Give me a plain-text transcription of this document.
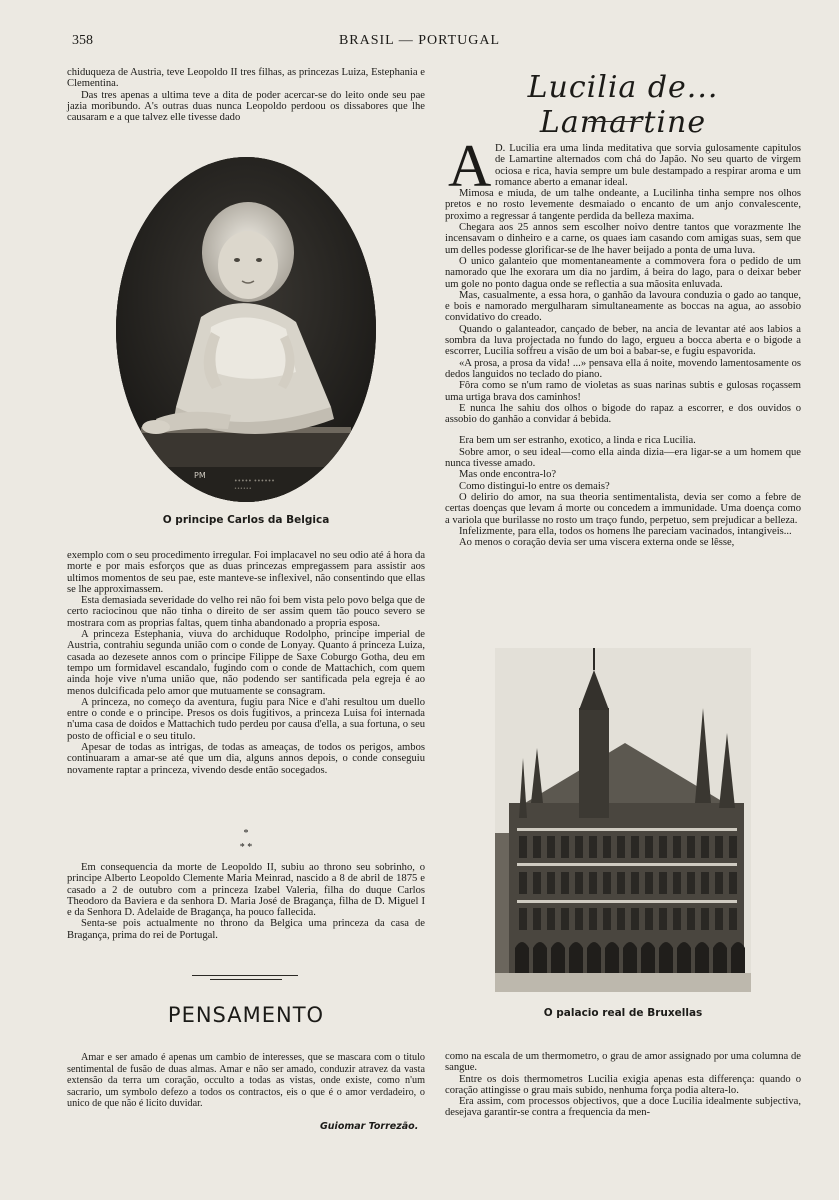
358	BRASIL — PORTUGAL

chiduqueza de Austria, teve Leopoldo II tres filhas, as princezas Luiza, Estephania e Clementina.

Das tres apenas a ultima teve a dita de poder acercar-se do leito onde seu pae jazia moribundo. A's outras duas nunca Leopoldo perdoou os dissabores que lhe causaram e a que talvez elle tivesse dado

••••• ••••••
••••••
PM
O principe Carlos da Belgica

exemplo com o seu procedimento irregular. Foi implacavel no seu odio até á hora da morte e por mais esforços que as duas princezas empregassem para assistir aos ultimos momentos de seu pae, este manteve-se inflexivel, não consentindo que ellas se lhe approximassem.

Esta demasiada severidade do velho rei não foi bem vista pelo povo belga que de certo raciocinou que não tinha o direito de ser assim quem tão pouco severo se mostrara com as proprias faltas, quem tinha abandonado a propria esposa.

A princeza Estephania, viuva do archiduque Rodolpho, principe imperial de Austria, contrahiu segunda união com o conde de Lonyay. Quanto á princeza Luiza, casada ao dezesete annos com o principe Filippe de Saxe Coburgo Gotha, deu em tempo um formidavel escandalo, fugindo com o conde de Mattachich, com quem ainda hoje vive n'uma união que, não podendo ser santificada pela egreja é ao menos dulcificada pelo amor que mutuamente se consagram.

A princeza, no começo da aventura, fugiu para Nice e d'ahi resultou um duello entre o conde e o principe. Presos os dois fugitivos, a princeza Luisa foi internada n'uma casa de doidos e Mattachich tudo perdeu por causa d'ella, a sua fortuna, o seu posto de official e o seu titulo.

Apesar de todas as intrigas, de todas as ameaças, de todos os perigos, ambos continuaram a amar-se até que um dia, alguns annos depois, o conde conseguiu novamente raptar a princeza, vivendo desde então socegados.

*
* *

Em consequencia da morte de Leopoldo II, subiu ao throno seu sobrinho, o principe Alberto Leopoldo Clemente Maria Meinrad, nascido a 8 de abril de 1875 e casado a 2 de outubro com a princeza Izabel Valeria, filha do duque Carlos Theodoro da Baviera e da senhora D. Maria José de Bragança, filha de D. Miguel I e da Senhora D. Adelaide de Bragança, ha pouco fallecida.

Senta-se pois actualmente no throno da Belgica uma princeza da casa de Bragança, prima do rei de Portugal.

PENSAMENTO

Amar e ser amado é apenas um cambio de interesses, que se mascara com o titulo sentimental de fusão de duas almas. Amar e não ser amado, conduzir atravez da vasta extensão da terra um coração, occulto a todas as vistas, onde existe, como n'um sacrario, um symbolo defezo a todos os contractos, eis o que é o amor verdadeiro, o unico de que não é licito duvidar.

Guiomar Torrezão.
Lucilia de... Lamartine
A D. Lucilia era uma linda meditativa que sorvia gulosamente capitulos de Lamartine alternados com chá do Japão. No seu quarto de virgem ociosa e rica, havia sempre um bule destampado a respirar aroma e um romance aberto a emanar ideal.

Mimosa e miuda, de um talhe ondeante, a Lucilinha tinha sempre nos olhos pretos e no rosto levemente desmaiado o encanto de um anjo convalescente, proximo a regressar á tangente perdida da belleza maxima.

Chegara aos 25 annos sem escolher noivo dentre tantos que vorazmente lhe incensavam o dinheiro e a carne, os quaes iam casando com amigas suas, sem que um delles podesse glorificar-se de lhe haver beijado a ponta de uma luva.

O unico galanteio que momentaneamente a commovera fora o pedido de um namorado que lhe exorara um dia no jardim, á beira do lago, para o deixar beber um gole no ponto dagua onde se reflectia a sua mãosita enluvada.

Mas, casualmente, a essa hora, o ganhão da lavoura conduzia o gado ao tanque, e bois e namorado mergulharam simultaneamente as boccas na agua, ao assobio convidativo do creado.

Quando o galanteador, cançado de beber, na ancia de levantar até aos labios a sombra da luva projectada no fundo do lago, ergueu a bocca aberta e o bigode a escorrer, Lucilia soffreu a visão de um boi a babar-se, e fugiu espavorida.

«A prosa, a prosa da vida! ...» pensava ella á noite, movendo lamentosamente os dedos languidos no teclado do piano.

Fôra como se n'um ramo de violetas as suas narinas subtis e gulosas roçassem uma urtiga brava dos caminhos!

E nunca lhe sahiu dos olhos o bigode do rapaz a escorrer, e dos ouvidos o assobio do ganhão a convidar á bebida.

Era bem um ser estranho, exotico, a linda e rica Lucilia.

Sobre amor, o seu ideal—como ella ainda dizia—era ligar-se a um homem que nunca tivesse amado.

Mas onde encontra-lo?

Como distingui-lo entre os demais?

O delirio do amor, na sua theoria sentimentalista, devia ser como a febre de certas doenças que levam á morte ou concedem a immunidade. Uma doença como a variola que burilasse no rosto um traço fundo, perpetuo, sem prejudicar a belleza.

Infelizmente, para ella, todos os homens lhe pareciam vacinados, intangiveis...

Ao menos o coração devia ser uma viscera externa onde se lêsse,

O palacio real de Bruxellas

como na escala de um thermometro, o grau de amor assignado por uma columna de sangue.

Entre os dois thermometros Lucilia exigia apenas esta differença: quando o coração attingisse o grau mais subido, nenhuma força podia altera-lo.

Era assim, com processos objectivos, que a doce Lucilia idealmente subjectiva, desejava garantir-se contra a frequencia da men-
